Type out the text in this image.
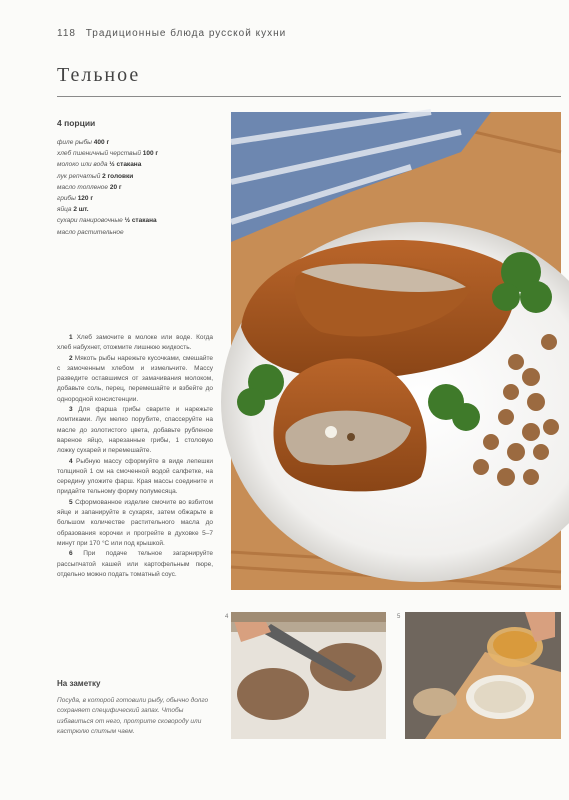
118 Традиционные блюда русской кухни
Тельное
4 порции
филе рыбы 400 г
хлеб пшеничный черствый 100 г
молоко или вода ½ стакана
лук репчатый 2 головки
масло топленое 20 г
грибы 120 г
яйца 2 шт.
сухари панировочные ½ стакана
масло растительное

1 Хлеб замочите в молоке или воде. Когда хлеб набухнет, отожмите лишнюю жидкость.

2 Мякоть рыбы нарежьте кусочками, смешайте с замоченным хлебом и измельчите. Массу разведите оставшимся от замачивания молоком, добавьте соль, перец, перемешайте и взбейте до однородной консистенции.

3 Для фарша грибы сварите и нарежьте ломтиками. Лук мелко порубите, спассеруйте на масле до золотистого цвета, добавьте рубленое вареное яйцо, нарезанные грибы, 1 столовую ложку сухарей и перемешайте.

4 Рыбную массу сформуйте в виде лепешки толщиной 1 см на смоченной водой салфетке, на середину уложите фарш. Края массы соедините и придайте тельному форму полумесяца.

5 Сформованное изделие смочите во взбитом яйце и запанируйте в сухарях, затем обжарьте в большом количестве растительного масла до образования корочки и прогрейте в духовке 5–7 минут при 170 °С или под крышкой.

6 При подаче тельное загарнируйте рассыпчатой кашей или картофельным пюре, отдельно можно подать томатный соус.

На заметку
Посуда, в которой готовили рыбу, обычно долго сохраняет специфический запах. Чтобы избавиться от него, протрите сковороду или кастрюлю спитым чаем.
4	5
